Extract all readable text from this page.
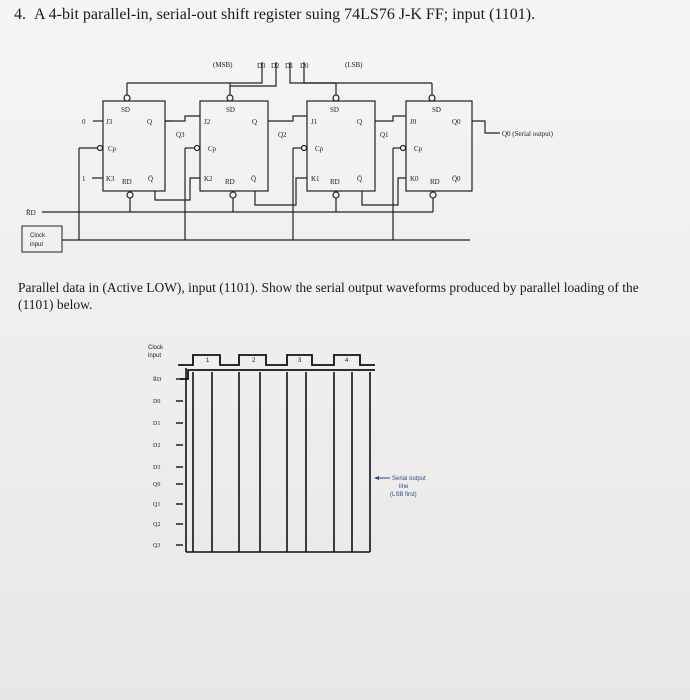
4. A 4-bit parallel-in, serial-out shift register suing 74LS76 J-K FF; input (1101).
(MSB)	(LSB)
D3 D2 D1 D0
SD
J3	Q
Cp
K3 RD Q̄
0
1
Q3
SD
J2	Q
Cp
K2 RD Q̄
Q2
SD
J1	Q
Cp
K1 RD Q̄
Q1
SD
J0	Q0
Cp
K0 RD Q̄0
Q0 (Serial output)
R̄D
Clock
input
Clock
input
1	2	3	4
R̄D
D0
D1
D2
D3
Q0
Q1
Q2
Q3
Serial output
line
(LSB first)
Parallel data in (Active LOW), input (1101). Show the serial output waveforms produced by parallel loading of the (1101) below.
